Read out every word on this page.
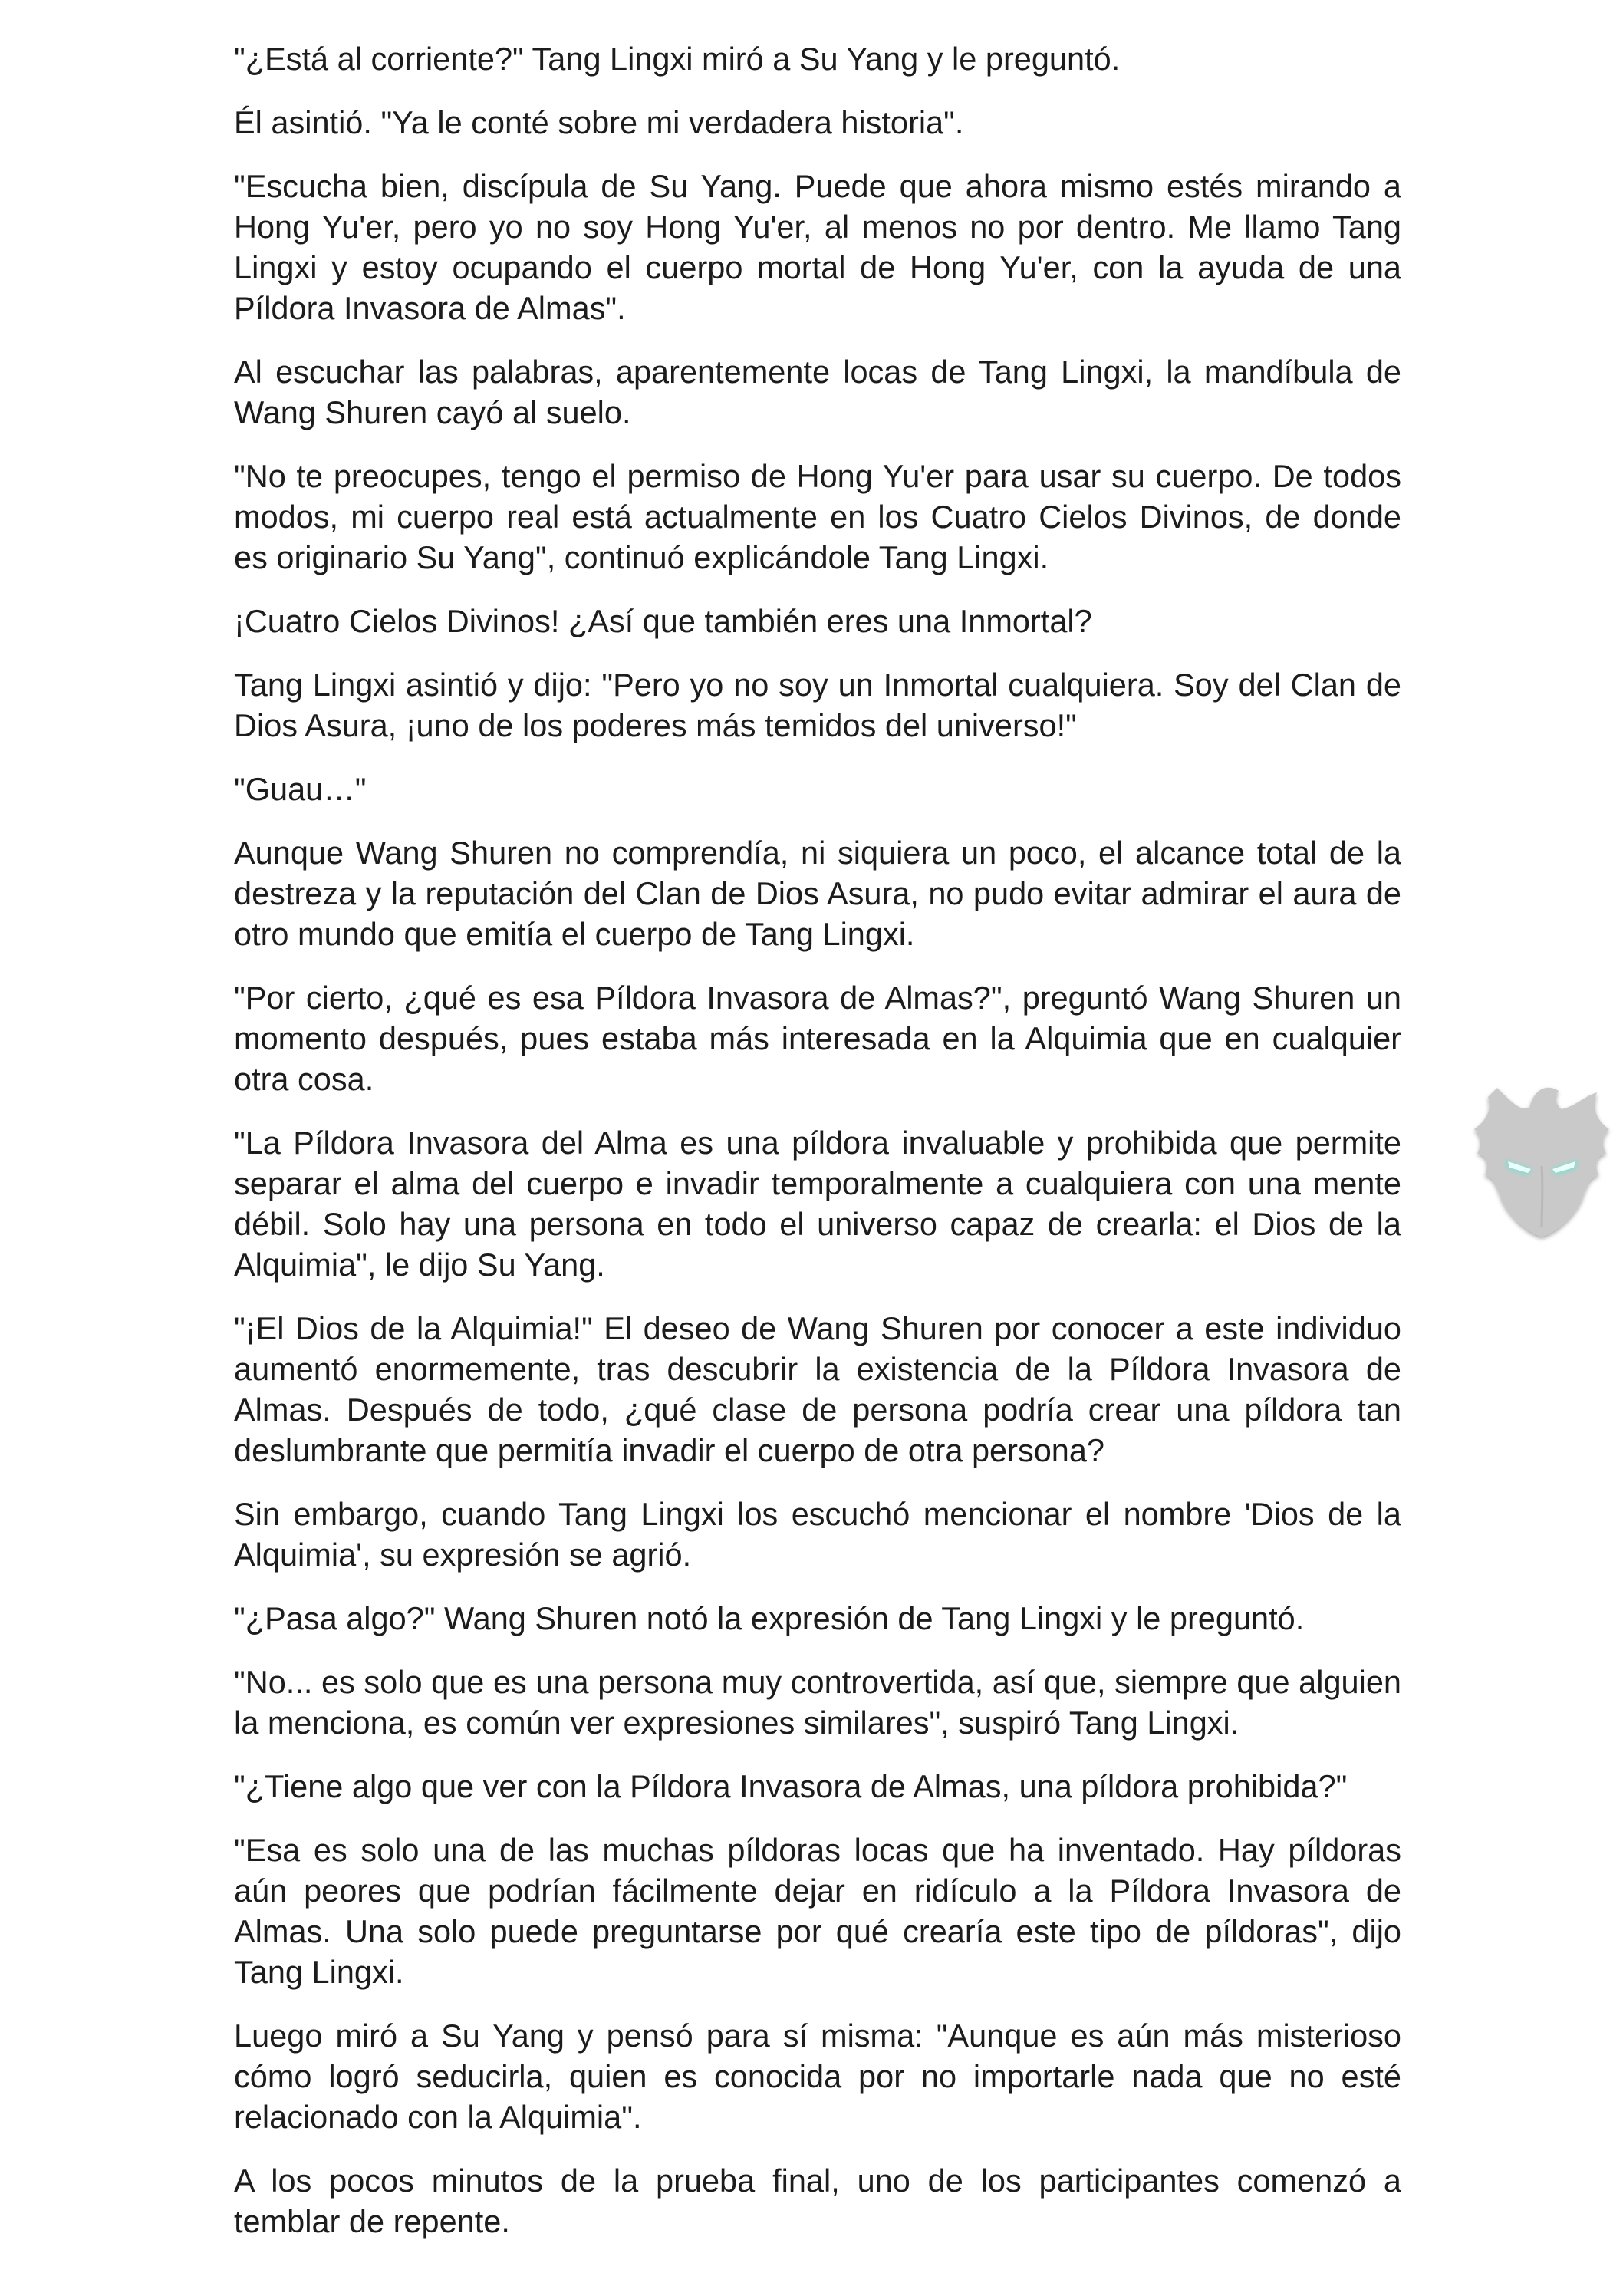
"¿Está al corriente?" Tang Lingxi miró a Su Yang y le preguntó.

Él asintió. "Ya le conté sobre mi verdadera historia".

"Escucha bien, discípula de Su Yang. Puede que ahora mismo estés mirando a Hong Yu'er, pero yo no soy Hong Yu'er, al menos no por dentro. Me llamo Tang Lingxi y estoy ocupando el cuerpo mortal de Hong Yu'er, con la ayuda de una Píldora Invasora de Almas".

Al escuchar las palabras, aparentemente locas de Tang Lingxi, la mandíbula de Wang Shuren cayó al suelo.

"No te preocupes, tengo el permiso de Hong Yu'er para usar su cuerpo. De todos modos, mi cuerpo real está actualmente en los Cuatro Cielos Divinos, de donde es originario Su Yang", continuó explicándole Tang Lingxi.

¡Cuatro Cielos Divinos! ¿Así que también eres una Inmortal?

Tang Lingxi asintió y dijo: "Pero yo no soy un Inmortal cualquiera. Soy del Clan de Dios Asura, ¡uno de los poderes más temidos del universo!"

"Guau…"

Aunque Wang Shuren no comprendía, ni siquiera un poco, el alcance total de la destreza y la reputación del Clan de Dios Asura, no pudo evitar admirar el aura de otro mundo que emitía el cuerpo de Tang Lingxi.

"Por cierto, ¿qué es esa Píldora Invasora de Almas?", preguntó Wang Shuren un momento después, pues estaba más interesada en la Alquimia que en cualquier otra cosa.

"La Píldora Invasora del Alma es una píldora invaluable y prohibida que permite separar el alma del cuerpo e invadir temporalmente a cualquiera con una mente débil. Solo hay una persona en todo el universo capaz de crearla: el Dios de la Alquimia", le dijo Su Yang.

"¡El Dios de la Alquimia!" El deseo de Wang Shuren por conocer a este individuo aumentó enormemente, tras descubrir la existencia de la Píldora Invasora de Almas. Después de todo, ¿qué clase de persona podría crear una píldora tan deslumbrante que permitía invadir el cuerpo de otra persona?

Sin embargo, cuando Tang Lingxi los escuchó mencionar el nombre 'Dios de la Alquimia', su expresión se agrió.

"¿Pasa algo?" Wang Shuren notó la expresión de Tang Lingxi y le preguntó.

"No... es solo que es una persona muy controvertida, así que, siempre que alguien la menciona, es común ver expresiones similares", suspiró Tang Lingxi.

"¿Tiene algo que ver con la Píldora Invasora de Almas, una píldora prohibida?"

"Esa es solo una de las muchas píldoras locas que ha inventado. Hay píldoras aún peores que podrían fácilmente dejar en ridículo a la Píldora Invasora de Almas. Una solo puede preguntarse por qué crearía este tipo de píldoras", dijo Tang Lingxi.

Luego miró a Su Yang y pensó para sí misma: "Aunque es aún más misterioso cómo logró seducirla, quien es conocida por no importarle nada que no esté relacionado con la Alquimia".

A los pocos minutos de la prueba final, uno de los participantes comenzó a temblar de repente.
